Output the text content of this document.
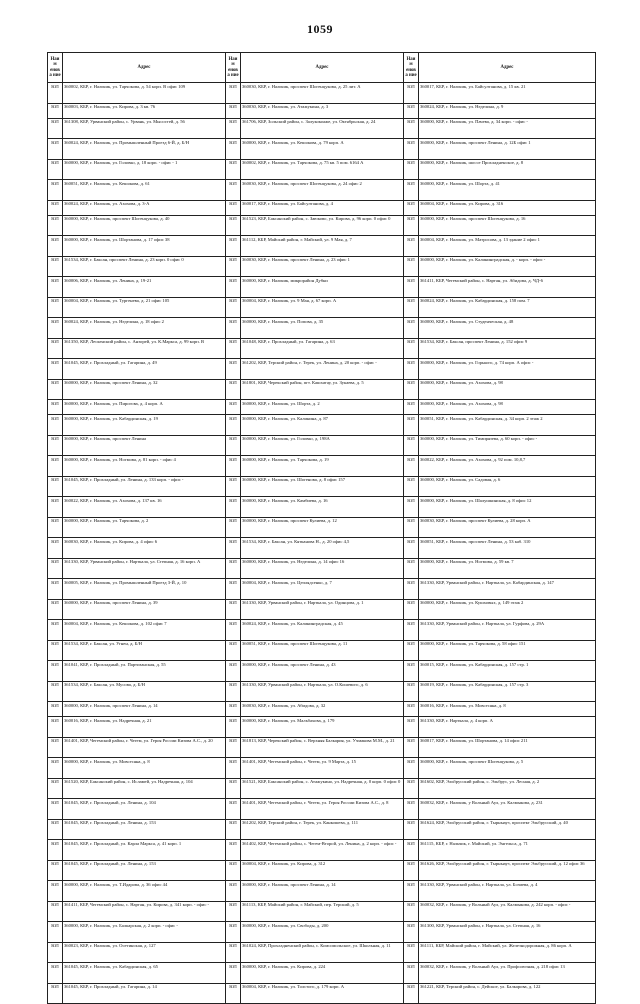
1059
Наим енова ние	Адрес	Наим енова ние	Адрес	Наим енова ние	Адрес
ЮЛ	360002, КБР, г. Нальчик, ул. Тарчокова, д. 54 корп. В офис 109	ЮЛ	360030, КБР, г. Нальчик, проспект Шогенцукова, д. 25 лит. А	ЮЛ	360017, КБР, г. Нальчик, ул. Байсултанова, д. 15 кв. 21
ЮЛ	360003, КБР, г. Нальчик, ул. Кирова, д. 3 кв. 76	ЮЛ	360030, КБР, г. Нальчик, ул. Атажукина, д. 3	ЮЛ	360024, КБР, г. Нальчик, ул. Неделина, д. 9
ЮЛ	361308, КБР, Урванский район, с. Урвань, ул. Мысостей, д. 56	ЮЛ	361706, КБР, Зольский район, с. Залукокоаже, ул. Октябрьская, д. 24	ЮЛ	360000, КБР, г. Нальчик, ул. Пачева, д. 34 корп. - офис -
ЮЛ	360024, КБР, г. Нальчик, ул. Промышленный Проезд 6-Й, д. Б/Н	ЮЛ	360000, КБР, г. Нальчик, ул. Кешокова, д. 79 корп. А	ЮЛ	360000, КБР, г. Нальчик, проспект Ленина, д. 12Б офис 1
ЮЛ	360000, КБР, г. Нальчик, ул. Головко, д. 18 корп. - офис - 1	ЮЛ	360002, КБР, г. Нальчик, ул. Тарчокова, д. 75 кв. 5 пом. 6164 А	ЮЛ	360000, КБР, г. Нальчик, шоссе Прохладненское, д. 8
ЮЛ	360051, КБР, г. Нальчик, ул. Кешокова, д. 61	ЮЛ	360030, КБР, г. Нальчик, проспект Шогенцукова, д. 24 офис 2	ЮЛ	360000, КБР, г. Нальчик, ул. Шорта, д. 41
ЮЛ	360024, КБР, г. Нальчик, ул. Ахохова, д. 3-А	ЮЛ	360017, КБР, г. Нальчик, ул. Байсултанова, д. 4	ЮЛ	360004, КБР, г. Нальчик, ул. Кирова, д. 316
ЮЛ	360000, КБР, г. Нальчик, проспект Шогенцукова, д. 40	ЮЛ	361523, КБР, Баксанский район, с. Заюково, ул. Кирова, д. 96 корп. 0 офис 0	ЮЛ	360000, КБР, г. Нальчик, проспект Шогенцукова, д. 16
ЮЛ	360000, КБР, г. Нальчик, ул. Шортанова, д. 17 офис 38	ЮЛ	361112, КБР, Майский район, г. Майский, ул. 9 Мая, д. 7	ЮЛ	360004, КБР, г. Нальчик, ул. Матросова, д. 13 здание 2 офис 1
ЮЛ	361534, КБР, г. Баксан, проспект Ленина, д. 23 корп. 0 офис 0	ЮЛ	360030, КБР, г. Нальчик, проспект Ленина, д. 23 офис 1	ЮЛ	360000, КБР, г. Нальчик, ул. Калининградская, д. - корп. - офис -
ЮЛ	360006, КБР, г. Нальчик, ул. Ленина, д. 19-21	ЮЛ	360000, КБР, г. Нальчик, микрорайон Дубки	ЮЛ	361411, КБР, Чегемский район, с. Нартан, ул. Абидова, д. ЧД-6
ЮЛ	360004, КБР, г. Нальчик, ул. Тургенева, д. 21 офис 105	ЮЛ	360004, КБР, г. Нальчик, ул. 9 Мая, д. 67 корп. А	ЮЛ	360024, КБР, г. Нальчик, ул. Кабардинская, д. 158 пом. 7
ЮЛ	360024, КБР, г. Нальчик, ул. Неделина, д. 18 офис 2	ЮЛ	360000, КБР, г. Нальчик, ул. Попова, д. 35	ЮЛ	360000, КБР, г. Нальчик, ул. Студенческая, д. 48
ЮЛ	361350, КБР, Лескенский район, с. Анзорей, ул. К.Маркса, д. 99 корп. В	ЮЛ	361048, КБР, г. Прохладный, ул. Гагарина, д. 63	ЮЛ	361534, КБР, г. Баксан, проспект Ленина, д. 152 офис 9
ЮЛ	361045, КБР, г. Прохладный, ул. Гагарина, д. 49	ЮЛ	361202, КБР, Терский район, г. Терек, ул. Ленина, д. 20 корп. - офис -	ЮЛ	360000, КБР, г. Нальчик, ул. Горького, д. 74 корп. А офис -
ЮЛ	360000, КБР, г. Нальчик, проспект Ленина, д. 32	ЮЛ	361801, КБР, Черекский район, пгт. Кашхатау, ул. Зукаева, д. 5	ЮЛ	360000, КБР, г. Нальчик, ул. Ахохова, д. 98
ЮЛ	360000, КБР, г. Нальчик, ул. Пирогова, д. 4 корп. А	ЮЛ	360000, КБР, г. Нальчик, ул. Шорта, д. 2	ЮЛ	360000, КБР, г. Нальчик, ул. Ахохова, д. 98
ЮЛ	360000, КБР, г. Нальчик, ул. Кабардинская, д. 19	ЮЛ	360000, КБР, г. Нальчик, ул. Калинина, д. 87	ЮЛ	360051, КБР, г. Нальчик, ул. Кабардинская, д. 34 корп. 2 этаж 2
ЮЛ	360000, КБР, г. Нальчик, проспект Ленина	ЮЛ	360000, КБР, г. Нальчик, ул. Головко, д. 198А	ЮЛ	360000, КБР, г. Нальчик, ул. Тимирязева, д. 60 корп. - офис -
ЮЛ	360000, КБР, г. Нальчик, ул. Ногмова, д. 81 корп. - офис 4	ЮЛ	360000, КБР, г. Нальчик, ул. Тарчокова, д. 19	ЮЛ	360022, КБР, г. Нальчик, ул. Ахохова, д. 92 пом. 10,8,7
ЮЛ	361045, КБР, г. Прохладный, ул. Ленина, д. 133 корп. - офис -	ЮЛ	360000, КБР, г. Нальчик, ул. Шогенова, д. 8 офис 157	ЮЛ	360000, КБР, г. Нальчик, ул. Садовая, д. 6
ЮЛ	360022, КБР, г. Нальчик, ул. Ахохова, д. 137 кв. 16	ЮЛ	360000, КБР, г. Нальчик, ул. Камбиева, д. 16	ЮЛ	360000, КБР, г. Нальчик, ул. Шалушкинская, д. 8 офис 12
ЮЛ	360000, КБР, г. Нальчик, ул. Тарчокова, д. 2	ЮЛ	360000, КБР, г. Нальчик, проспект Кулиева, д. 12	ЮЛ	360030, КБР, г. Нальчик, проспект Кулиева, д. 28 корп. А
ЮЛ	360030, КБР, г. Нальчик, ул. Кирова, д. 4 офис 6	ЮЛ	361534, КБР, г. Баксан, ул. Кятканова Н., д. 20 офис 4,5	ЮЛ	360051, КБР, г. Нальчик, проспект Ленина, д. 53 каб. 310
ЮЛ	361330, КБР, Урванский район, г. Нарткала, ул. Степная, д. 16 корп. А	ЮЛ	360000, КБР, г. Нальчик, ул. Неделина, д. 14 офис 16	ЮЛ	360000, КБР, г. Нальчик, ул. Ногмова, д. 59 кв. 7
ЮЛ	360005, КБР, г. Нальчик, ул. Промышленный Проезд 3-Й, д. 10	ЮЛ	360004, КБР, г. Нальчик, ул. Цеплядсенко, д. 7	ЮЛ	361330, КБР, Урванский район, г. Нарткала, ул. Кабардинская, д. 147
ЮЛ	360000, КБР, г. Нальчик, проспект Ленина, д. 39	ЮЛ	361330, КБР, Урванский район, г. Нарткала, ул. Одинцова, д. 1	ЮЛ	360000, КБР, г. Нальчик, ул. Кушховых, д. 149 этаж 2
ЮЛ	360004, КБР, г. Нальчик, ул. Кешокова, д. 102 офис 7	ЮЛ	360024, КБР, г. Нальчик, ул. Калининградская, д. 45	ЮЛ	361330, КБР, Урванский район, г. Нарткала, ул. Гурфова, д. 29А
ЮЛ	361534, КБР, г. Баксан, ул. Угнен, д. Б/Н	ЮЛ	360051, КБР, г. Нальчик, проспект Шогенцукова, д. 11	ЮЛ	360000, КБР, г. Нальчик, ул. Тарчокова, д. 58 офис 151
ЮЛ	361041, КБР, г. Прохладный, ул. Партизанская, д. 55	ЮЛ	360000, КБР, г. Нальчик, проспект Ленина, д. 43	ЮЛ	360015, КБР, г. Нальчик, ул. Кабардинская, д. 157 стр. 1
ЮЛ	361534, КБР, г. Баксан, ул. Мусова, д. Б/Н	ЮЛ	361330, КБР, Урванский район, г. Нарткала, ул. О.Кошевого, д. 6	ЮЛ	360019, КБР, г. Нальчик, ул. Кабардинская, д. 157 стр. 3
ЮЛ	360000, КБР, г. Нальчик, проспект Ленина, д. 14	ЮЛ	360030, КБР, г. Нальчик, ул. Абидова, д. 32	ЮЛ	360016, КБР, г. Нальчик, ул. Мовсесяна, д. 8
ЮЛ	360016, КБР, г. Нальчик, ул. Надречная, д. 21	ЮЛ	360000, КБР, г. Нальчик, ул. Мальбахова, д. 179	ЮЛ	361330, КБР, г. Нарткала, д. 4 корп. А
ЮЛ	361401, КБР, Чегемский район, г. Чегем, ул. Героя России Кизова А.С., д. 20	ЮЛ	361813, КБР, Черекский район, с. Верхняя Балкария, ул. Учмакова М.М., д. 21	ЮЛ	360017, КБР, г. Нальчик, ул. Шортанова, д. 14 офис 211
ЮЛ	360000, КБР, г. Нальчик, ул. Мовсесяна, д. 8	ЮЛ	361401, КБР, Чегемский район, г. Чегем, ул. 9 Марта, д. 15	ЮЛ	360000, КБР, г. Нальчик, проспект Шогенцукова, д. 5
ЮЛ	361520, КБР, Баксанский район, с. Исламей, ул. Надречная, д. 104	ЮЛ	361521, КБР, Баксанский район, с. Атажукино, ул. Надречная, д. 0 корп. 0 офис 0	ЮЛ	361602, КБР, Эльбрусский район, с. Эльбрус, ул. Лесная, д. 2
ЮЛ	361045, КБР, г. Прохладный, ул. Ленина, д. 104	ЮЛ	361401, КБР, Чегемский район, г. Чегем, ул. Героя России Кизова А.С., д. 8	ЮЛ	360032, КБР, г. Нальчик, у Вольный Аул, ул. Калмыкова, д. 231
ЮЛ	361045, КБР, г. Прохладный, ул. Ленина, д. 153	ЮЛ	361202, КБР, Терский район, г. Терек, ул. Канкошева, д. 111	ЮЛ	361624, КБР, Эльбрусский район, г. Тырныауз, проспект Эльбрусский, д. 40
ЮЛ	361045, КБР, г. Прохладный, ул. Карла Маркса, д. 41 корп. 1	ЮЛ	361402, КБР, Чегемский район, с. Чегем-Второй, ул. Ленина, д. 2 корп. - офис -	ЮЛ	361115, КБР, г. Нальчик, г. Майский, ул. Энгельса, д. 71
ЮЛ	361045, КБР, г. Прохладный, ул. Ленина, д. 153	ЮЛ	360004, КБР, г. Нальчик, ул. Кирова, д. 312	ЮЛ	361626, КБР, Эльбрусский район, г. Тырныауз, проспект Эльбрусский, д. 12 офис 36
ЮЛ	360000, КБР, г. Нальчик, ул. Т.Идарова, д. 36 офис 44	ЮЛ	360000, КБР, г. Нальчик, проспект Ленина, д. 14	ЮЛ	361330, КБР, Урванский район, г. Нарткала, ул. Бозиева, д. 4
ЮЛ	361411, КБР, Чегемский район, с. Нартан, ул. Кирова, д. 341 корп. - офис -	ЮЛ	361113, КБР, Майский район, г. Майский, пер. Терский, д. 5	ЮЛ	360032, КБР, г. Нальчик, у Вольный Аул, ул. Калмыкова, д. 242 корп. - офис -
ЮЛ	360000, КБР, г. Нальчик, ул. Балкарская, д. 2 корп. - офис -	ЮЛ	360000, КБР, г. Нальчик, ул. Свободы, д. 200	ЮЛ	361300, КБР, Урванский район, г. Нарткала, ул. Степная, д. 16
ЮЛ	360023, КБР, г. Нальчик, ул. Осетинская, д. 127	ЮЛ	361024, КБР, Прохладненский район, с. Комсомольское, ул. Школьная, д. 11	ЮЛ	361111, КБР, Майский район, г. Майский, ул. Железнодорожная, д. 86 корп. А
ЮЛ	361045, КБР, г. Нальчик, ул. Кабардинская, д. 65	ЮЛ	360000, КБР, г. Нальчик, ул. Кирова, д. 224	ЮЛ	360032, КБР, г. Нальчик, у Вольный Аул, ул. Профсоюзная, д. 218 офис 13
ЮЛ	361045, КБР, г. Прохладный, ул. Гагарина, д. 14	ЮЛ	360004, КБР, г. Нальчик, ул. Толстого, д. 179 корп. А	ЮЛ	361221, КБР, Терский район, с. Дейское, ул. Балкарова, д. 122
